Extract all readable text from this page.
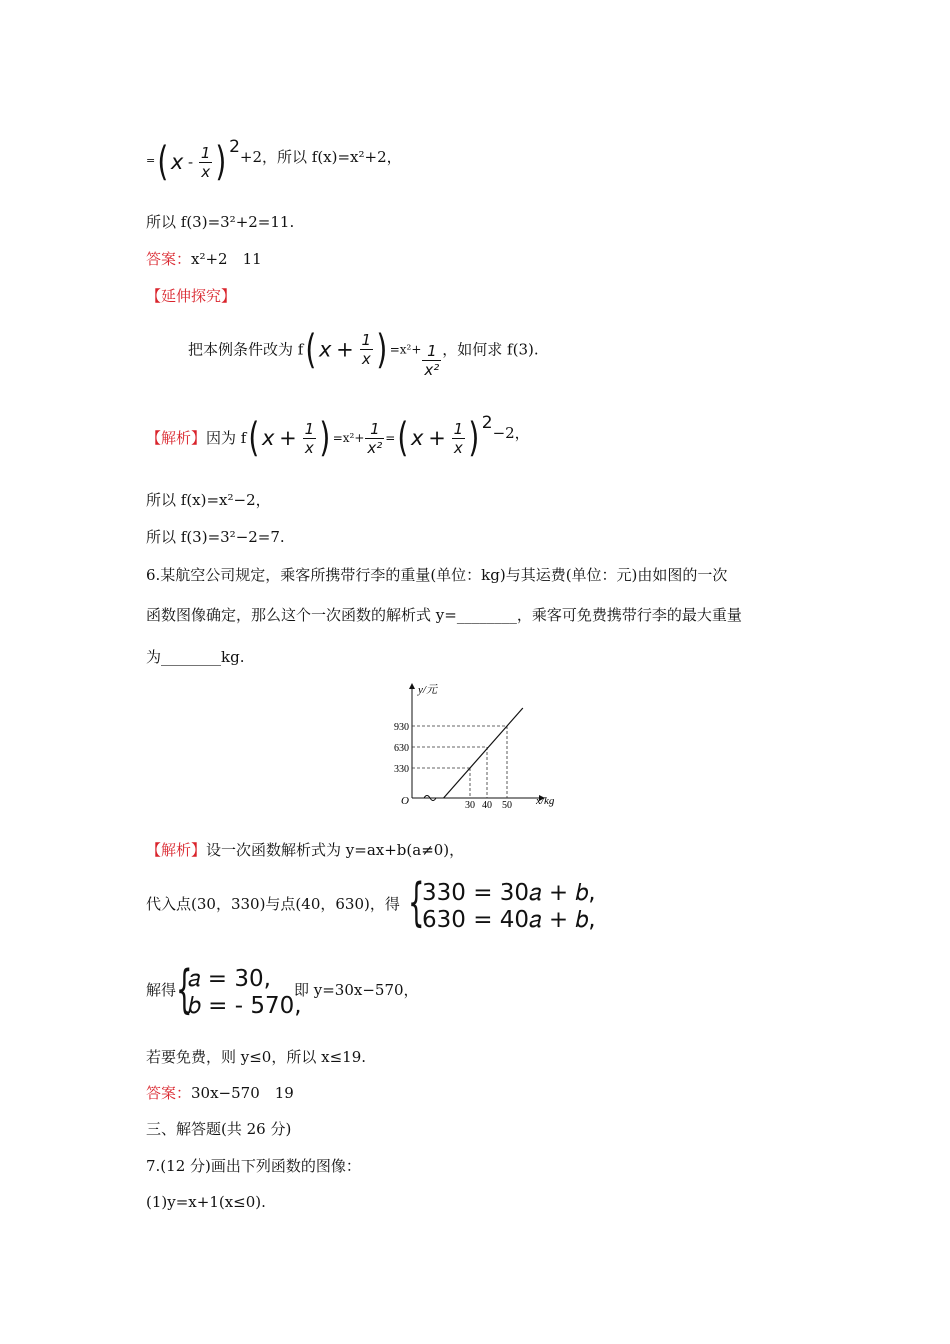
=( x - $\frac{1}{x}$ ) 2+2，所以 f(x)=x²+2，
所以 f(3)=3²+2=11.
答案：x²+2　11
【延伸探究】
把本例条件改为 f( $x + \frac{1}{x}$ ) $=x^2+ \frac{1}{\text{x²}}$ ，如何求 f(3).
【解析】因为 f( $x + \frac{1}{x}$ ) $=x^2+ \frac{1}{\text{x²}}$ =( $x + \frac{1}{x}$ ) 2−2，
所以 f(x)=x²−2，
所以 f(3)=3²−2=7.
6.某航空公司规定，乘客所携带行李的重量(单位：kg)与其运费(单位：元)由如图的一次
函数图像确定，那么这个一次函数的解析式 y=________，乘客可免费携带行李的最大重量
为________kg.
930
630
330
30 40 50
y/元
x/kg
O
【解析】设一次函数解析式为 y=ax+b(a≠0)，
代入点(30，330)与点(40，630)，得 {
330 = 30𝑎 + 𝑏,
630 = 40𝑎 + 𝑏,
解得 {
𝑎 = 30,
𝑏 = - 570,
即 y=30x−570，
若要免费，则 y≤0，所以 x≤19.
答案：30x−570　19
三、解答题(共 26 分)
7.(12 分)画出下列函数的图像：
(1)y=x+1(x≤0).
